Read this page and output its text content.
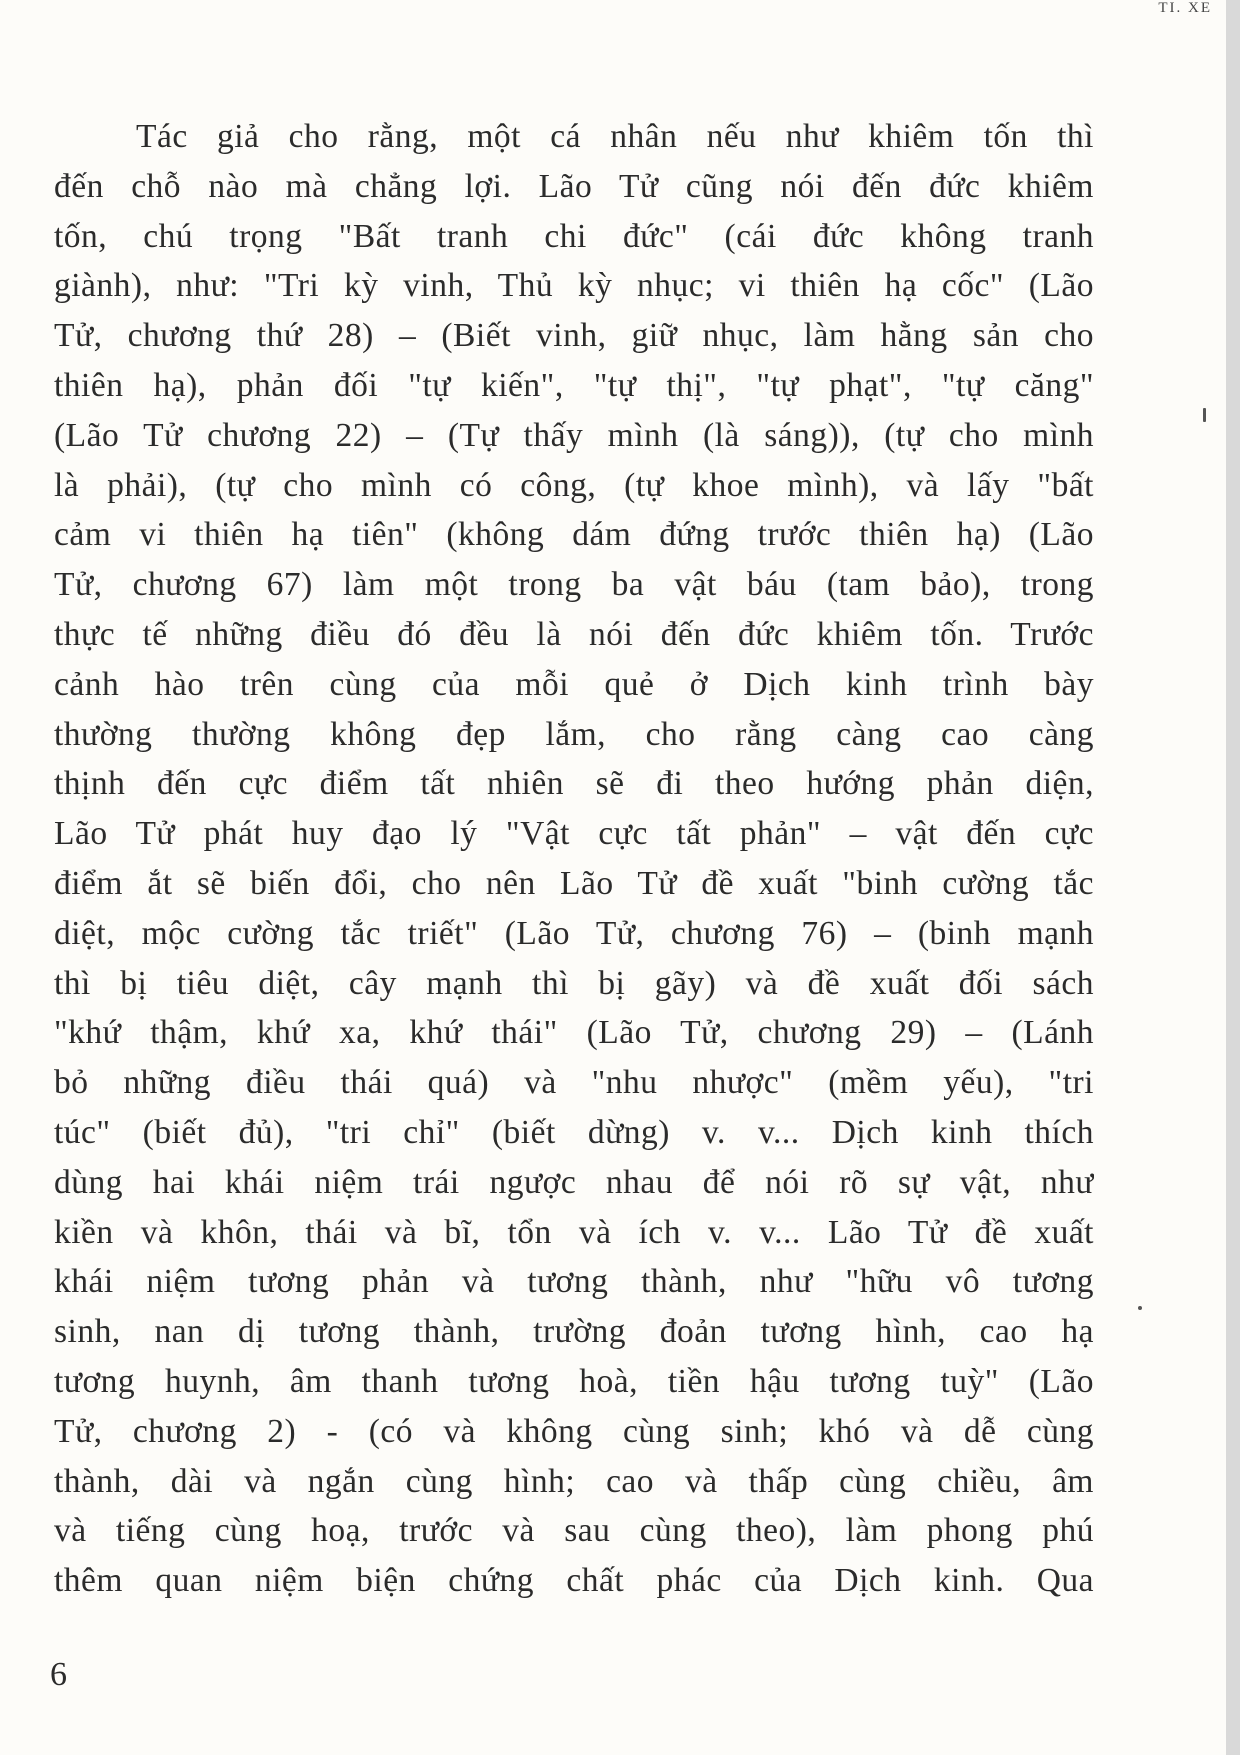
TI. XE
Tác giả cho rằng, một cá nhân nếu như khiêm tốn thì
đến chỗ nào mà chẳng lợi. Lão Tử cũng nói đến đức khiêm
tốn, chú trọng "Bất tranh chi đức" (cái đức không tranh
giành), như: "Tri kỳ vinh, Thủ kỳ nhục; vi thiên hạ cốc" (Lão
Tử, chương thứ 28) – (Biết vinh, giữ nhục, làm hằng sản cho
thiên hạ), phản đối "tự kiến", "tự thị", "tự phạt", "tự căng"
(Lão Tử chương 22) – (Tự thấy mình (là sáng)), (tự cho mình
là phải), (tự cho mình có công, (tự khoe mình), và lấy "bất
cảm vi thiên hạ tiên" (không dám đứng trước thiên hạ) (Lão
Tử, chương 67) làm một trong ba vật báu (tam bảo), trong
thực tế những điều đó đều là nói đến đức khiêm tốn. Trước
cảnh hào trên cùng của mỗi quẻ ở Dịch kinh trình bày
thường thường không đẹp lắm, cho rằng càng cao càng
thịnh đến cực điểm tất nhiên sẽ đi theo hướng phản diện,
Lão Tử phát huy đạo lý "Vật cực tất phản" – vật đến cực
điểm ắt sẽ biến đổi, cho nên Lão Tử đề xuất "binh cường tắc
diệt, mộc cường tắc triết" (Lão Tử, chương 76) – (binh mạnh
thì bị tiêu diệt, cây mạnh thì bị gãy) và đề xuất đối sách
"khứ thậm, khứ xa, khứ thái" (Lão Tử, chương 29) – (Lánh
bỏ những điều thái quá) và "nhu nhược" (mềm yếu), "tri
túc" (biết đủ), "tri chỉ" (biết dừng) v. v... Dịch kinh thích
dùng hai khái niệm trái ngược nhau để nói rõ sự vật, như
kiền và khôn, thái và bĩ, tổn và ích v. v... Lão Tử đề xuất
khái niệm tương phản và tương thành, như "hữu vô tương
sinh, nan dị tương thành, trường đoản tương hình, cao hạ
tương huynh, âm thanh tương hoà, tiền hậu tương tuỳ" (Lão
Tử, chương 2) - (có và không cùng sinh; khó và dễ cùng
thành, dài và ngắn cùng hình; cao và thấp cùng chiều, âm
và tiếng cùng hoạ, trước và sau cùng theo), làm phong phú
thêm quan niệm biện chứng chất phác của Dịch kinh. Qua
6
